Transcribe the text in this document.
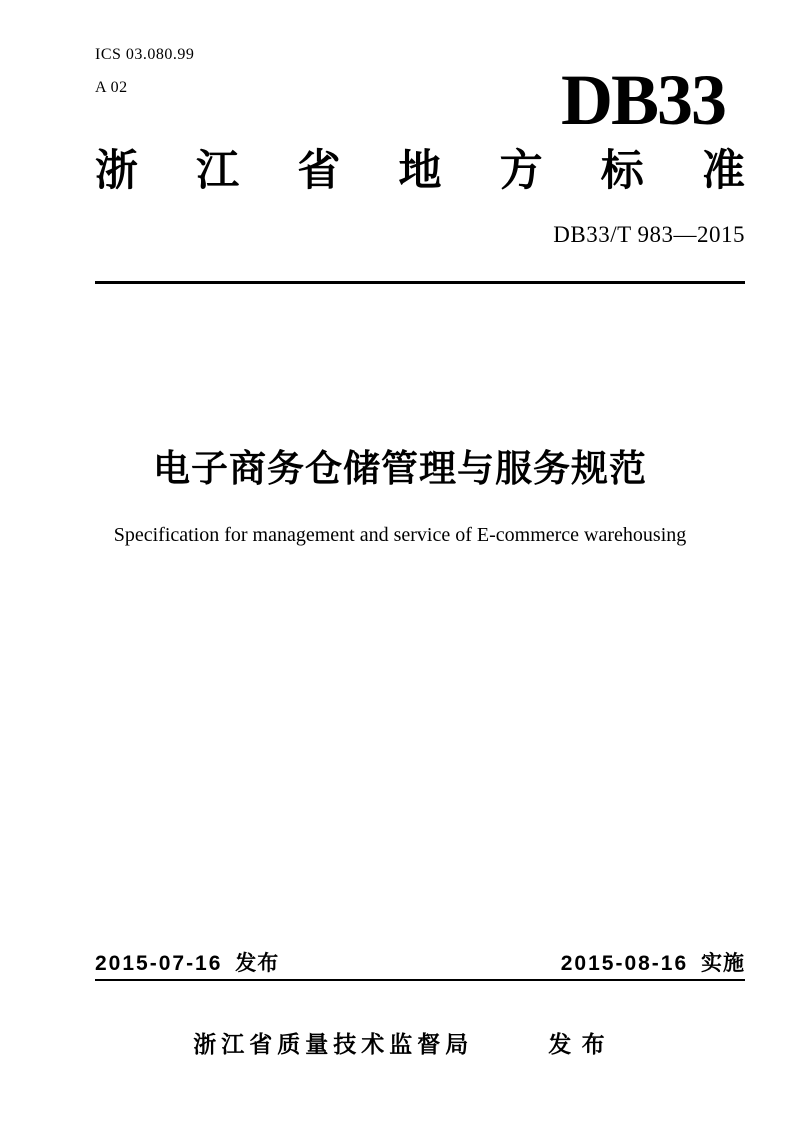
ICS 03.080.99
A 02	DB33
浙 江 省 地 方 标 准
DB33/T 983—2015
电子商务仓储管理与服务规范
Specification for management and service of E-commerce warehousing
2015-07-16 发布	2015-08-16 实施
浙江省质量技术监督局	发 布
